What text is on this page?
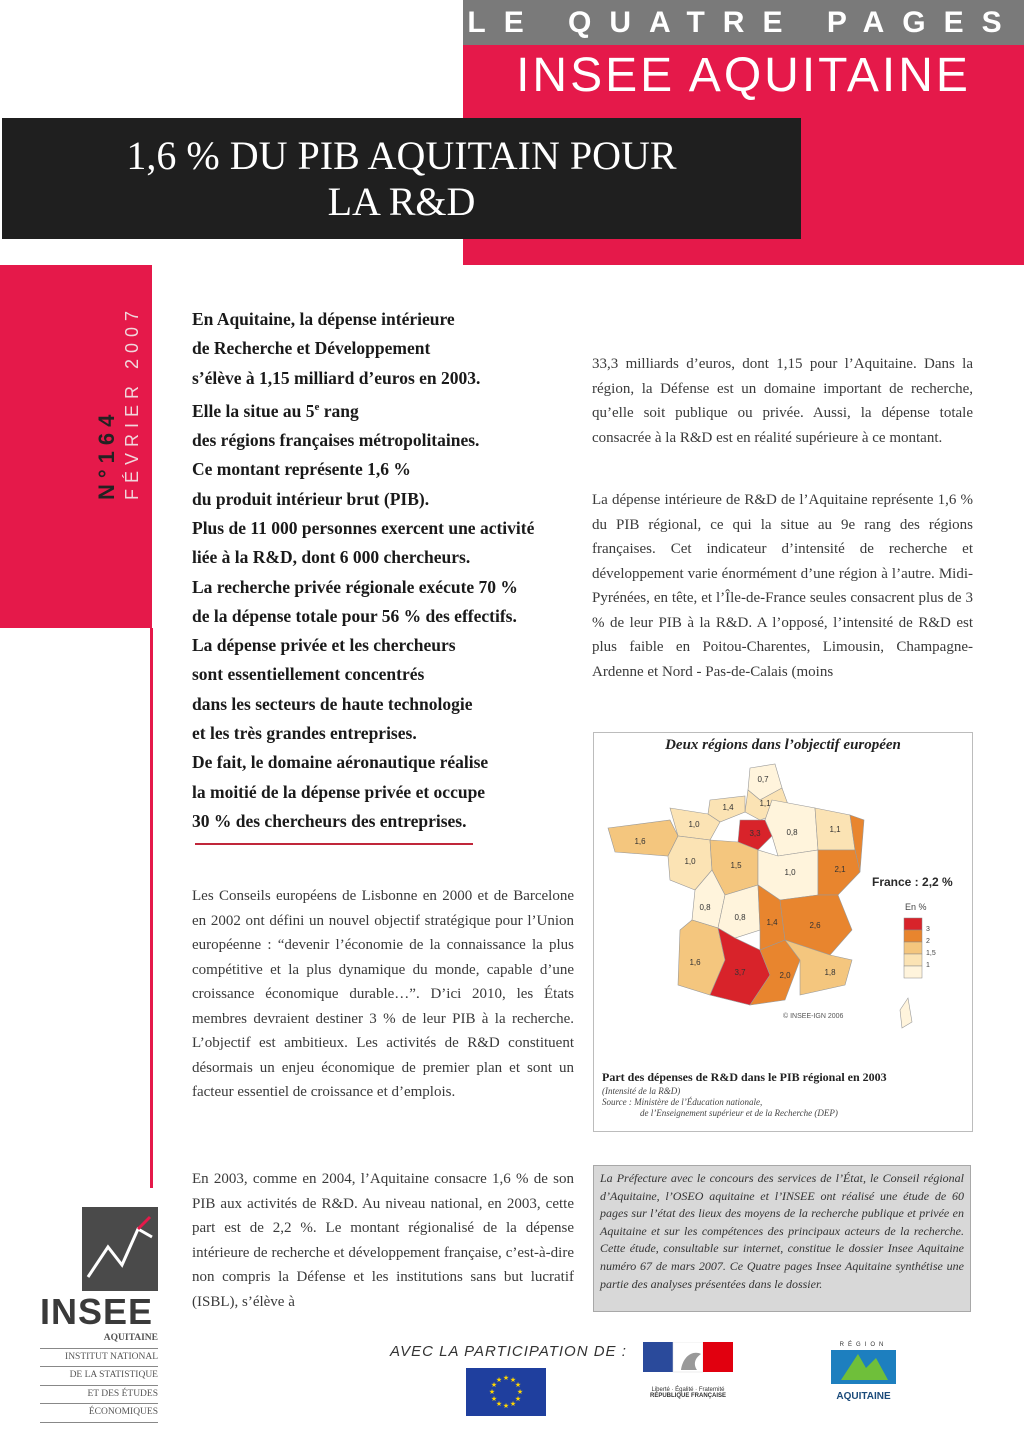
LE QUATRE PAGES
INSEE AQUITAINE
1,6 % DU PIB AQUITAIN POUR
LA R&D
N°164 FÉVRIER 2007	En Aquitaine, la dépense intérieure
de Recherche et Développement
s’élève à 1,15 milliard d’euros en 2003.
Elle la situe au 5e rang
des régions françaises métropolitaines.
Ce montant représente 1,6 %
du produit intérieur brut (PIB).
Plus de 11 000 personnes exercent une activité
liée à la R&D, dont 6 000 chercheurs.
La recherche privée régionale exécute 70 %
de la dépense totale pour 56 % des effectifs.
La dépense privée et les chercheurs
sont essentiellement concentrés
dans les secteurs de haute technologie
et les très grandes entreprises.
De fait, le domaine aéronautique réalise
la moitié de la dépense privée et occupe
30 % des chercheurs des entreprises.
Les Conseils européens de Lisbonne en 2000 et de Barcelone en 2002 ont défini un nouvel objectif stratégique pour l’Union européenne : “devenir l’économie de la connaissance la plus compétitive et la plus dynamique du monde, capable d’une croissance économique durable…”. D’ici 2010, les États membres devraient destiner 3 % de leur PIB à la recherche. L’objectif est ambitieux. Les activités de R&D constituent désormais un enjeu économique de premier plan et sont un facteur essentiel de croissance et d’emplois.
En 2003, comme en 2004, l’Aquitaine consacre 1,6 % de son PIB aux activités de R&D. Au niveau national, en 2003, cette part est de 2,2 %. Le montant régionalisé de la dépense intérieure de recherche et développement française, c’est-à-dire non compris la Défense et les institutions sans but lucratif (ISBL), s’élève à
33,3 milliards d’euros, dont 1,15 pour l’Aquitaine. Dans la région, la Défense est un domaine important de recherche, qu’elle soit publique ou privée. Aussi, la dépense totale consacrée à la R&D est en réalité supérieure à ce montant.
La dépense intérieure de R&D de l’Aquitaine représente 1,6 % du PIB régional, ce qui la situe au 9e rang des régions françaises. Cet indicateur d’intensité de recherche et développement varie énormément d’une région à l’autre. Midi-Pyrénées, en tête, et l’Île-de-France seules consacrent plus de 3 % de leur PIB à la R&D. A l’opposé, l’intensité de R&D est plus faible en Poitou-Charentes, Limousin, Champagne-Ardenne et Nord - Pas-de-Calais (moins
Deux régions dans l’objectif européen
0,7
1,4	1,1
1,0
3,3	0,8	1,1
1,6
1,5
1,0
1,0	2,1
0,8
0,8
1,4	2,6
1,6
3,7	2,0	1,8
3
2
1,5
1
France : 2,2 %
En %
© INSEE-IGN 2006
Part des dépenses de R&D dans le PIB régional en 2003
(Intensité de la R&D)
Source : Ministère de l’Éducation nationale,
de l’Enseignement supérieur et de la Recherche (DEP)
La Préfecture avec le concours des services de l’État, le Conseil régional d’Aquitaine, l’OSEO aquitaine et l’INSEE ont réalisé une étude de 60 pages sur l’état des lieux des moyens de la recherche publique et privée en Aquitaine et sur les compétences des principaux acteurs de la recherche. Cette étude, consultable sur internet, constitue le dossier Insee Aquitaine numéro 67 de mars 2007. Ce Quatre pages Insee Aquitaine synthétise une partie des analyses présentées dans le dossier.
AVEC LA PARTICIPATION DE :
INSEE
AQUITAINE
INSTITUT NATIONAL
DE LA STATISTIQUE
ET DES ÉTUDES
ÉCONOMIQUES
★ ★
★
★
★
★
★
★
★
★
★
★
Liberté · Égalité · Fraternité
RÉPUBLIQUE FRANÇAISE
RÉGION
AQUITAINE
